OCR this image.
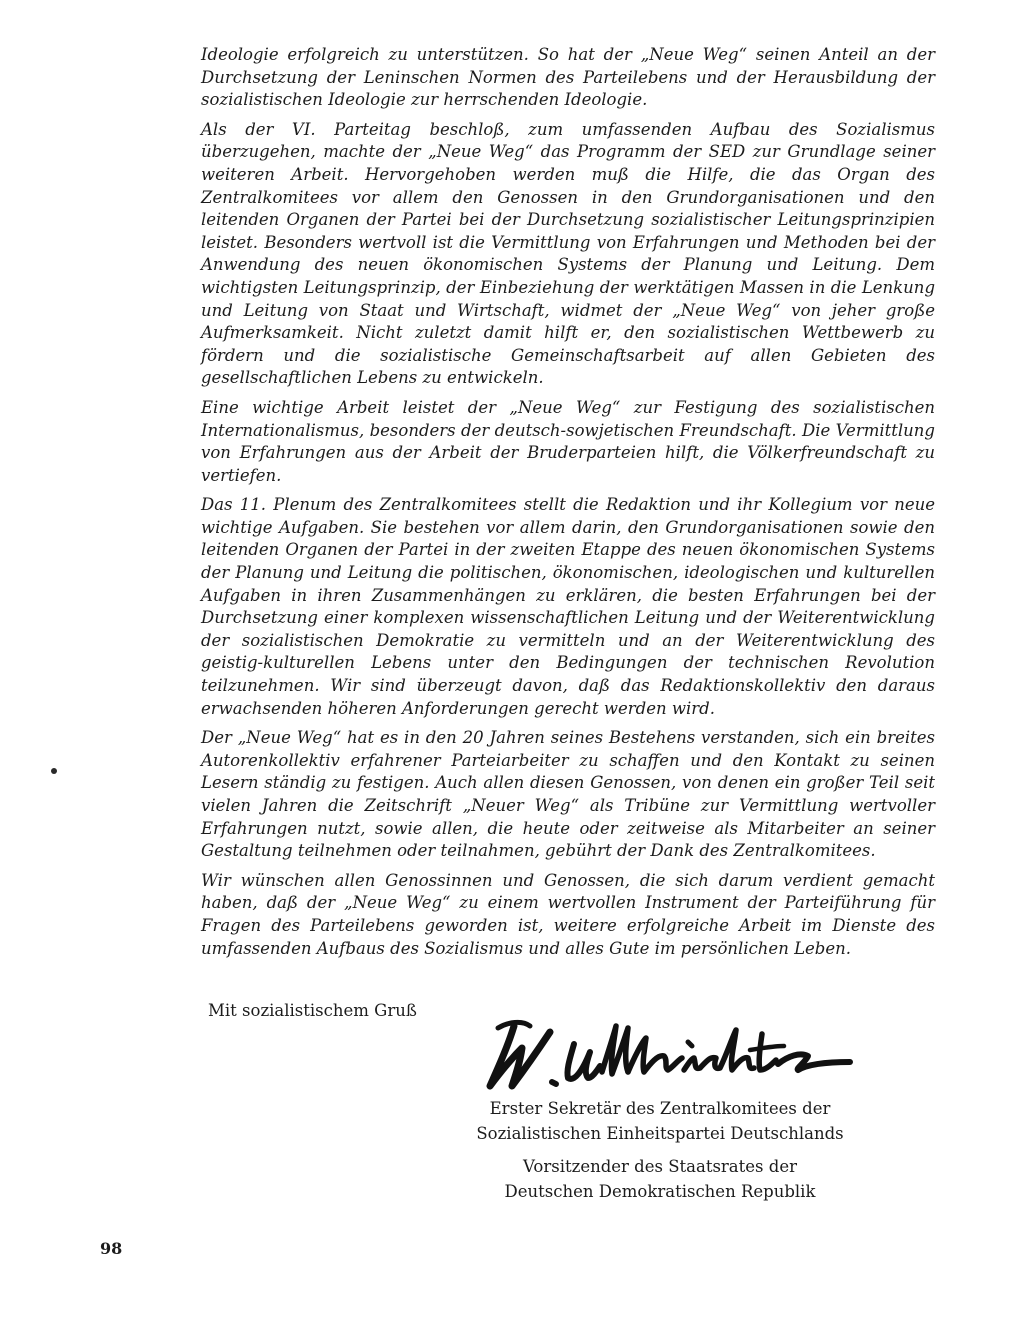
Ideologie erfolgreich zu unterstützen. So hat der „Neue Weg“ seinen Anteil an der Durchsetzung der Leninschen Normen des Parteilebens und der Herausbildung der sozialistischen Ideologie zur herrschenden Ideologie.

Als der VI. Parteitag beschloß, zum umfassenden Aufbau des Sozialismus überzugehen, machte der „Neue Weg“ das Programm der SED zur Grundlage seiner weiteren Arbeit. Hervorgehoben werden muß die Hilfe, die das Organ des Zentralkomitees vor allem den Genossen in den Grundorganisationen und den leitenden Organen der Partei bei der Durchsetzung sozialistischer Leitungsprinzipien leistet. Besonders wertvoll ist die Vermittlung von Erfahrungen und Methoden bei der Anwendung des neuen ökonomischen Systems der Planung und Leitung. Dem wichtigsten Leitungsprinzip, der Einbeziehung der werktätigen Massen in die Lenkung und Leitung von Staat und Wirtschaft, widmet der „Neue Weg“ von jeher große Aufmerksamkeit. Nicht zuletzt damit hilft er, den sozialistischen Wettbewerb zu fördern und die sozialistische Gemeinschaftsarbeit auf allen Gebieten des gesellschaftlichen Lebens zu entwickeln.

Eine wichtige Arbeit leistet der „Neue Weg“ zur Festigung des sozialistischen Internationalismus, besonders der deutsch-sowjetischen Freundschaft. Die Vermittlung von Erfahrungen aus der Arbeit der Bruderparteien hilft, die Völkerfreundschaft zu vertiefen.

Das 11. Plenum des Zentralkomitees stellt die Redaktion und ihr Kollegium vor neue wichtige Aufgaben. Sie bestehen vor allem darin, den Grundorganisationen sowie den leitenden Organen der Partei in der zweiten Etappe des neuen ökonomischen Systems der Planung und Leitung die politischen, ökonomischen, ideologischen und kulturellen Aufgaben in ihren Zusammenhängen zu erklären, die besten Erfahrungen bei der Durchsetzung einer komplexen wissenschaftlichen Leitung und der Weiterentwicklung der sozialistischen Demokratie zu vermitteln und an der Weiterentwicklung des geistig-kulturellen Lebens unter den Bedingungen der technischen Revolution teilzunehmen. Wir sind überzeugt davon, daß das Redaktionskollektiv den daraus erwachsenden höheren Anforderungen gerecht werden wird.

Der „Neue Weg“ hat es in den 20 Jahren seines Bestehens verstanden, sich ein breites Autorenkollektiv erfahrener Parteiarbeiter zu schaffen und den Kontakt zu seinen Lesern ständig zu festigen. Auch allen diesen Genossen, von denen ein großer Teil seit vielen Jahren die Zeitschrift „Neuer Weg“ als Tribüne zur Vermittlung wertvoller Erfahrungen nutzt, sowie allen, die heute oder zeitweise als Mitarbeiter an seiner Gestaltung teilnehmen oder teilnahmen, gebührt der Dank des Zentralkomitees.

Wir wünschen allen Genossinnen und Genossen, die sich darum verdient gemacht haben, daß der „Neue Weg“ zu einem wertvollen Instrument der Parteiführung für Fragen des Parteilebens geworden ist, weitere erfolgreiche Arbeit im Dienste des umfassenden Aufbaus des Sozialismus und alles Gute im persönlichen Leben.

Mit sozialistischem Gruß
Erster Sekretär des Zentralkomitees der
Sozialistischen Einheitspartei Deutschlands
Vorsitzender des Staatsrates der
Deutschen Demokratischen Republik
98
